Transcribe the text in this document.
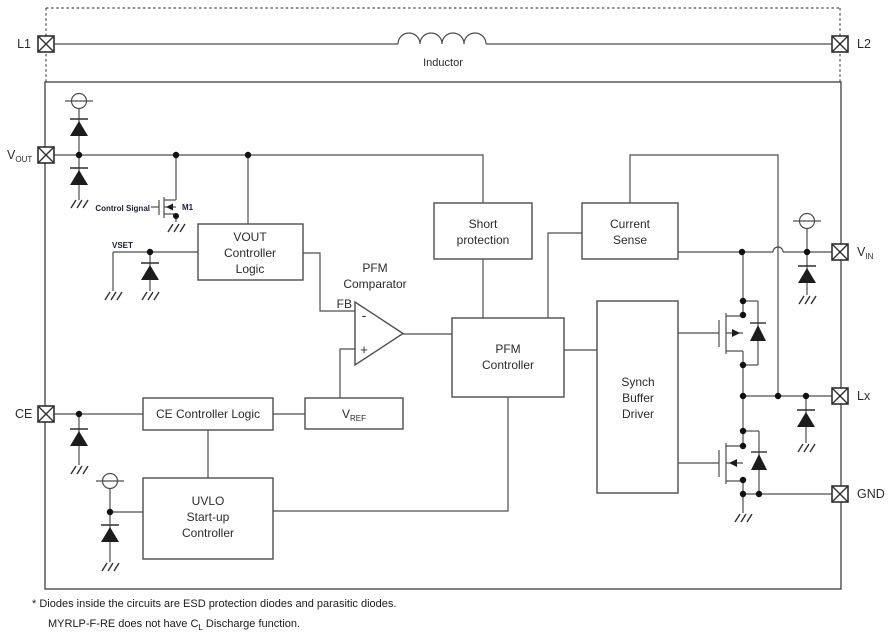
VOUT
Controller
Logic
Short
protection
Current
Sense
PFM
Controller
Synch
Buffer
Driver
CE Controller Logic	$V_{REF}$
UVLO
Start-up
Controller
PFM
Comparator
FB
-
+
Control Signal	M1
VSET
Inductor
L1	L2
$V_{OUT}$
CE
$V_{IN}$
Lx
GND
* Diodes inside the circuits are ESD protection diodes and parasitic diodes.
MYRLP-F-RE does not have $C_L$ Discharge function.
